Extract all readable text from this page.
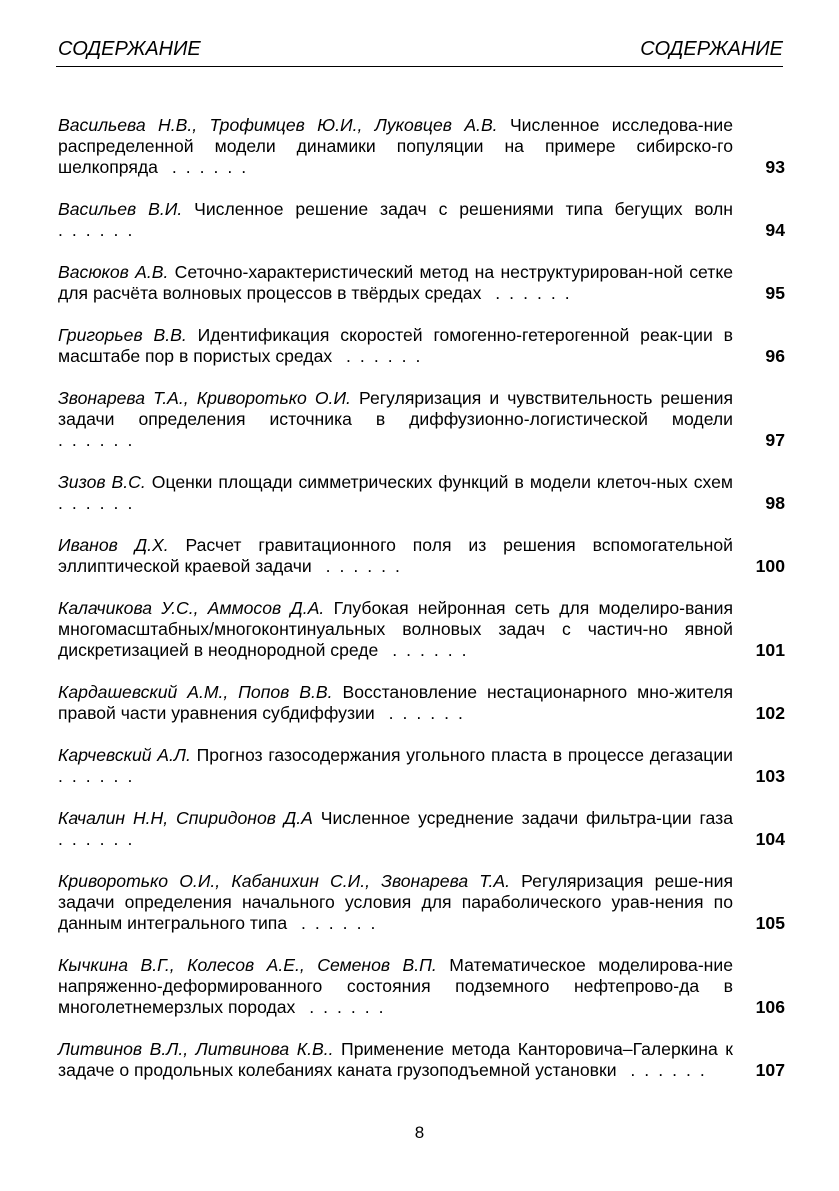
СОДЕРЖАНИЕ	СОДЕРЖАНИЕ
Васильева Н.В., Трофимцев Ю.И., Луковцев А.В. Численное исследова-ние распределенной модели динамики популяции на примере сибирско-го шелкопряда ......	93
Васильев В.И. Численное решение задач с решениями типа бегущих волн ......	94
Васюков А.В. Сеточно-характеристический метод на неструктурирован-ной сетке для расчёта волновых процессов в твёрдых средах ......	95
Григорьев В.В. Идентификация скоростей гомогенно-гетерогенной реак-ции в масштабе пор в пористых средах ......	96
Звонарева Т.А., Криворотько О.И. Регуляризация и чувствительность решения задачи определения источника в диффузионно-логистической модели ......	97
Зизов В.С. Оценки площади симметрических функций в модели клеточ-ных схем ......	98
Иванов Д.Х. Расчет гравитационного поля из решения вспомогательной эллиптической краевой задачи ......	100
Калачикова У.С., Аммосов Д.А. Глубокая нейронная сеть для моделиро-вания многомасштабных/многоконтинуальных волновых задач с частич-но явной дискретизацией в неоднородной среде ......	101
Кардашевский А.М., Попов В.В. Восстановление нестационарного мно-жителя правой части уравнения субдиффузии ......	102
Карчевский А.Л. Прогноз газосодержания угольного пласта в процессе дегазации ......	103
Качалин Н.Н, Спиридонов Д.А Численное усреднение задачи фильтра-ции газа ......	104
Криворотько О.И., Кабанихин С.И., Звонарева Т.А. Регуляризация реше-ния задачи определения начального условия для параболического урав-нения по данным интегрального типа ......	105
Кычкина В.Г., Колесов А.Е., Семенов В.П. Математическое моделирова-ние напряженно-деформированного состояния подземного нефтепрово-да в многолетнемерзлых породах ......	106
Литвинов В.Л., Литвинова К.В.. Применение метода Канторовича–Галеркина к задаче о продольных колебаниях каната грузоподъемной установки ...... 107
8
